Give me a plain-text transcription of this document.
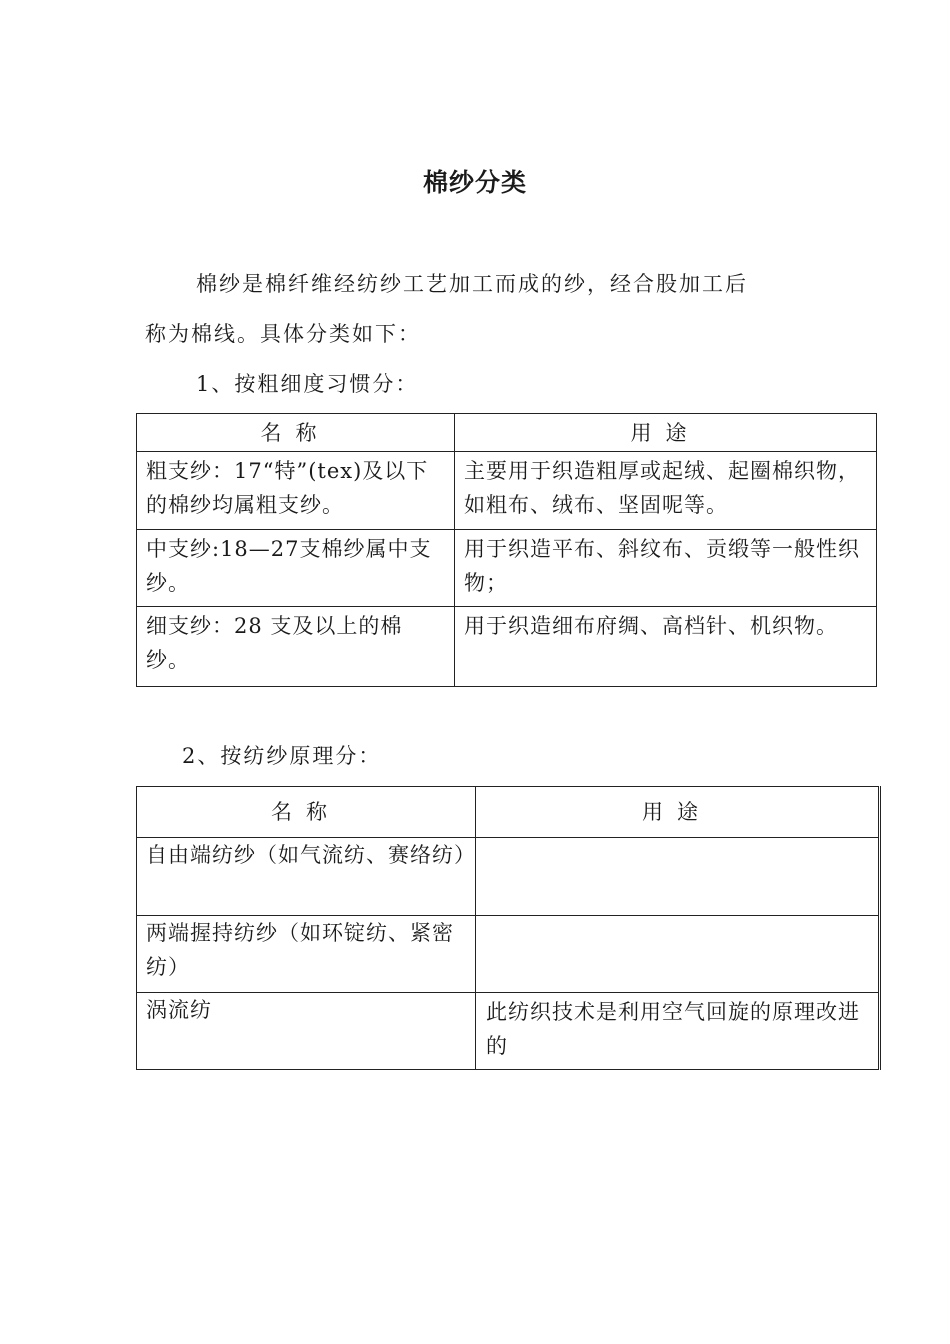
棉纱分类
棉纱是棉纤维经纺纱工艺加工而成的纱，经合股加工后
称为棉线。具体分类如下：
1、按粗细度习惯分：
名称	用途
粗支纱：17“特”(tex)及以下的棉纱均属粗支纱。	主要用于织造粗厚或起绒、起圈棉织物，如粗布、绒布、坚固呢等。
中支纱:18—27支棉纱属中支纱。	用于织造平布、斜纹布、贡缎等一般性织物；
细支纱：28 支及以上的棉纱。	用于织造细布府绸、高档针、机织物。
2、按纺纱原理分：
名称	用途
自由端纺纱（如气流纺、赛络纺）	
两端握持纺纱（如环锭纺、紧密纺）	
涡流纺	此纺织技术是利用空气回旋的原理改进的
